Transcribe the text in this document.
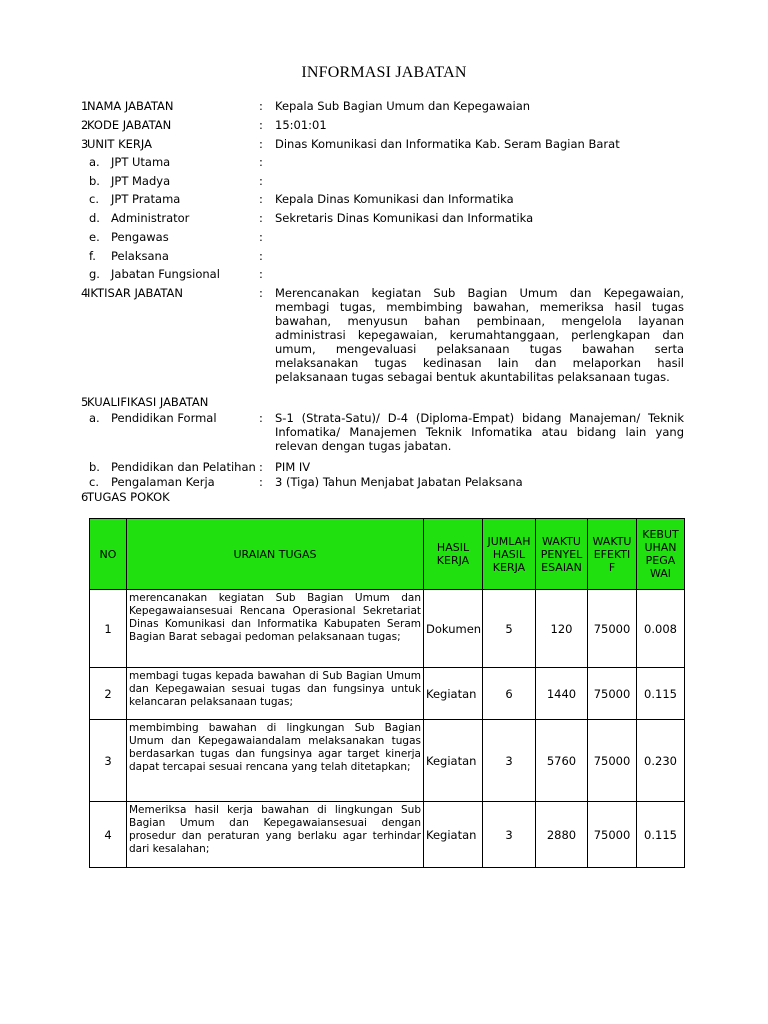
INFORMASI JABATAN
1
NAMA JABATAN	: Kepala Sub Bagian Umum dan Kepegawaian
2
KODE JABATAN	: 15:01:01
3
UNIT KERJA	: Dinas Komunikasi dan Informatika Kab. Seram Bagian Barat
a. JPT Utama	:
b. JPT Madya	:
c.	JPT Pratama	: Kepala Dinas Komunikasi dan Informatika
d. Administrator	: Sekretaris Dinas Komunikasi dan Informatika
e. Pengawas	:
f.	Pelaksana	:
g. Jabatan Fungsional	:
4
IKTISAR JABATAN	: Merencanakan kegiatan Sub Bagian Umum dan Kepegawaian, membagi tugas, membimbing bawahan, memeriksa hasil tugas bawahan, menyusun bahan pembinaan, mengelola layanan administrasi kepegawaian, kerumahtanggaan, perlengkapan dan umum, mengevaluasi pelaksanaan tugas bawahan serta melaksanakan tugas kedinasan lain dan melaporkan hasil pelaksanaan tugas sebagai bentuk akuntabilitas pelaksanaan tugas.
5
KUALIFIKASI JABATAN
a. Pendidikan Formal	: S-1 (Strata-Satu)/ D-4 (Diploma-Empat) bidang Manajeman/ Teknik Infomatika/ Manajemen Teknik Infomatika atau bidang lain yang relevan dengan tugas jabatan.
b. Pendidikan dan Pelatihan : PIM IV
c.	Pengalaman Kerja	: 3 (Tiga) Tahun Menjabat Jabatan Pelaksana
6
TUGAS POKOK
NO	URAIAN TUGAS	HASIL KERJA	JUMLAH HASIL KERJA	WAKTU PENYEL ESAIAN	WAKTU EFEKTI F	KEBUT UHAN PEGA WAI
1	merencanakan kegiatan Sub Bagian Umum dan Kepegawaiansesuai Rencana Operasional Sekretariat Dinas Komunikasi dan Informatika Kabupaten Seram Bagian Barat sebagai pedoman pelaksanaan tugas;	Dokumen	5	120	75000	0.008
2	membagi tugas kepada bawahan di Sub Bagian Umum dan Kepegawaian sesuai tugas dan fungsinya untuk kelancaran pelaksanaan tugas;	Kegiatan	6	1440	75000	0.115
3	membimbing bawahan di lingkungan Sub Bagian Umum dan Kepegawaiandalam melaksanakan tugas berdasarkan tugas dan fungsinya agar target kinerja dapat tercapai sesuai rencana yang telah ditetapkan;	Kegiatan	3	5760	75000	0.230
4	Memeriksa hasil kerja bawahan di lingkungan Sub Bagian Umum dan Kepegawaiansesuai dengan prosedur dan peraturan yang berlaku agar terhindar dari kesalahan;	Kegiatan	3	2880	75000	0.115
